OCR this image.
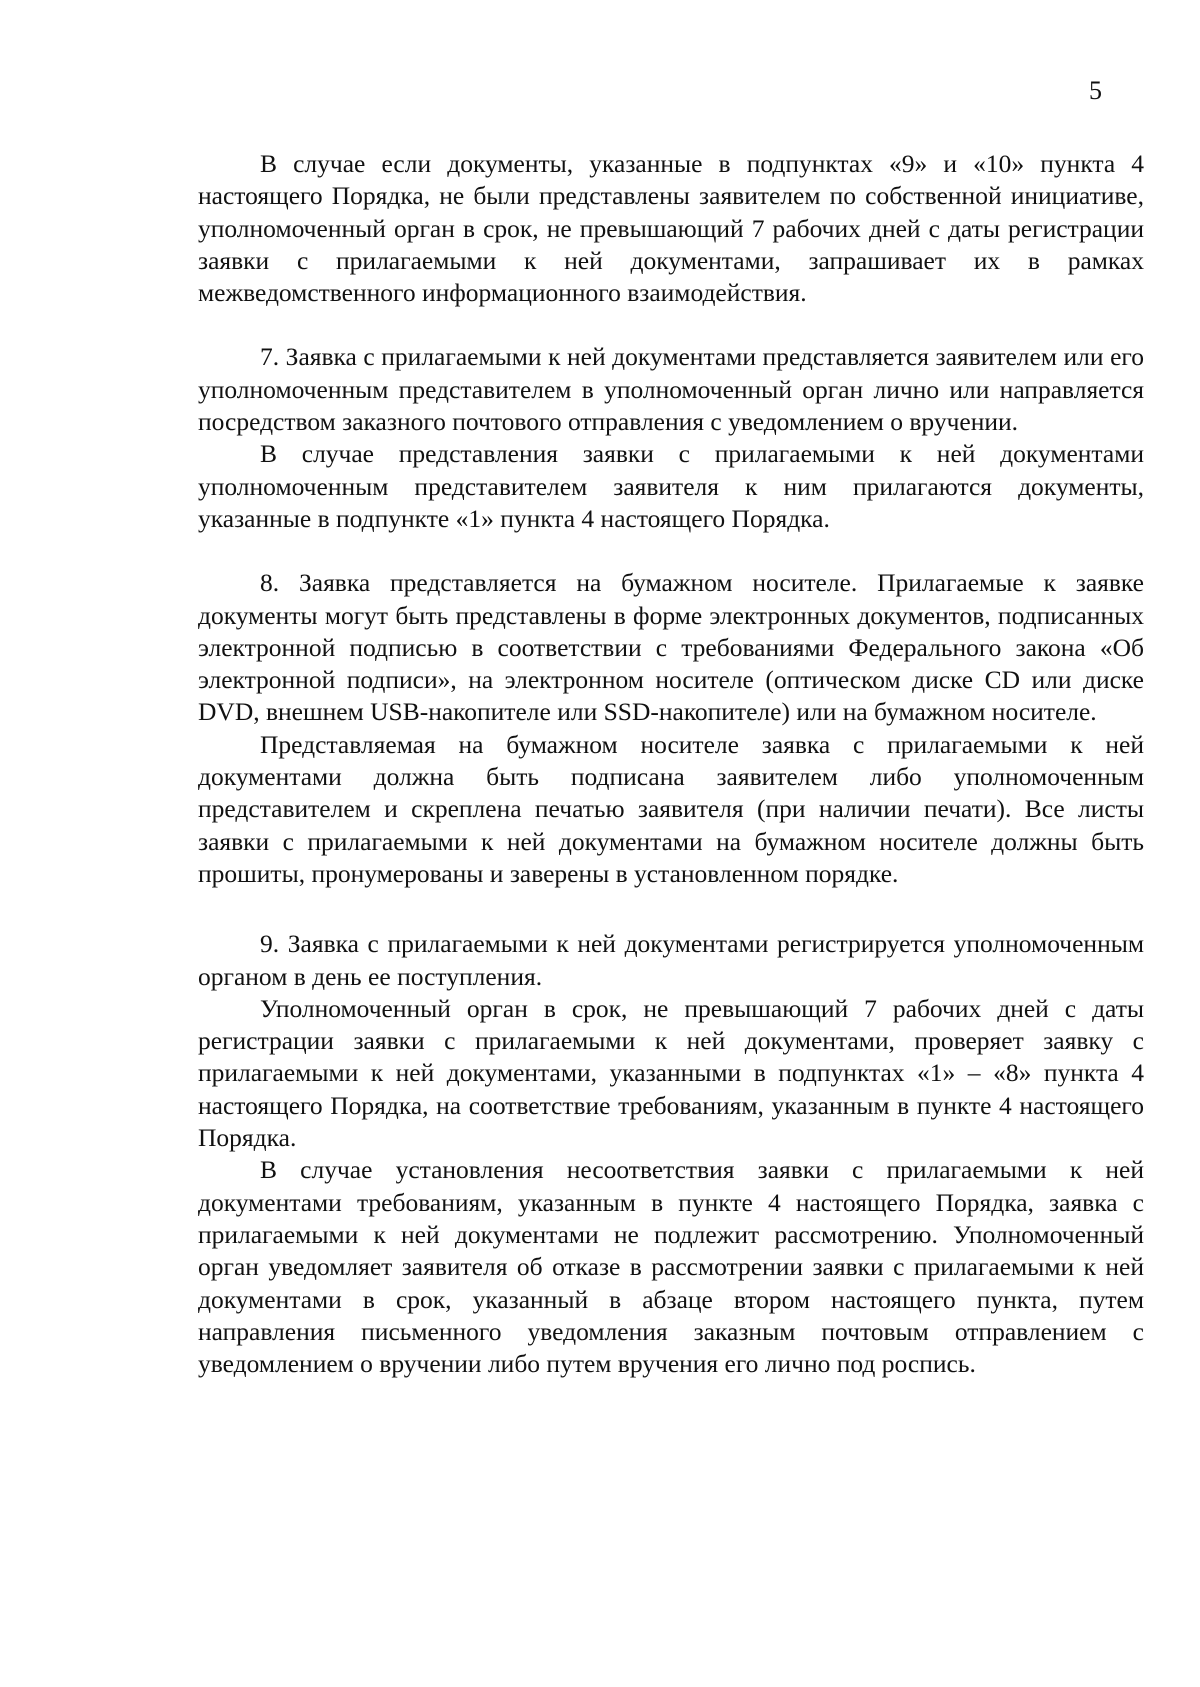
5

В случае если документы, указанные в подпунктах «9» и «10» пункта 4 настоящего Порядка, не были представлены заявителем по собственной инициативе, уполномоченный орган в срок, не превышающий 7 рабочих дней с даты регистрации заявки с прилагаемыми к ней документами, запрашивает их в рамках межведомственного информационного взаимодействия.

7. Заявка с прилагаемыми к ней документами представляется заявителем или его уполномоченным представителем в уполномоченный орган лично или направляется посредством заказного почтового отправления с уведомлением о вручении.

В случае представления заявки с прилагаемыми к ней документами уполномоченным представителем заявителя к ним прилагаются документы, указанные в подпункте «1» пункта 4 настоящего Порядка.

8. Заявка представляется на бумажном носителе. Прилагаемые к заявке документы могут быть представлены в форме электронных документов, подписанных электронной подписью в соответствии с требованиями Федерального закона «Об электронной подписи», на электронном носителе (оптическом диске CD или диске DVD, внешнем USB-накопителе или SSD-накопителе) или на бумажном носителе.

Представляемая на бумажном носителе заявка с прилагаемыми к ней документами должна быть подписана заявителем либо уполномоченным представителем и скреплена печатью заявителя (при наличии печати). Все листы заявки с прилагаемыми к ней документами на бумажном носителе должны быть прошиты, пронумерованы и заверены в установленном порядке.

9. Заявка с прилагаемыми к ней документами регистрируется уполномоченным органом в день ее поступления.

Уполномоченный орган в срок, не превышающий 7 рабочих дней с даты регистрации заявки с прилагаемыми к ней документами, проверяет заявку с прилагаемыми к ней документами, указанными в подпунктах «1» – «8» пункта 4 настоящего Порядка, на соответствие требованиям, указанным в пункте 4 настоящего Порядка.

В случае установления несоответствия заявки с прилагаемыми к ней документами требованиям, указанным в пункте 4 настоящего Порядка, заявка с прилагаемыми к ней документами не подлежит рассмотрению. Уполномоченный орган уведомляет заявителя об отказе в рассмотрении заявки с прилагаемыми к ней документами в срок, указанный в абзаце втором настоящего пункта, путем направления письменного уведомления заказным почтовым отправлением с уведомлением о вручении либо путем вручения его лично под роспись.
